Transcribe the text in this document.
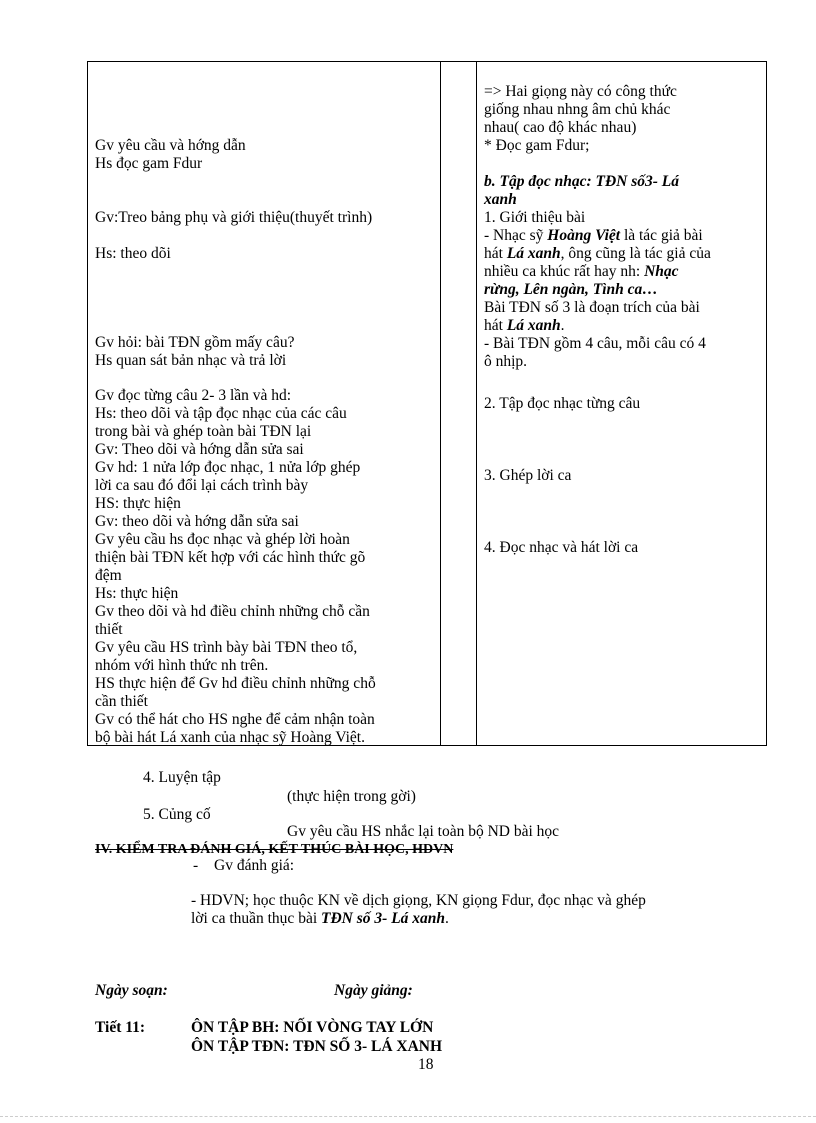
Gv yêu cầu và hớng dẫn
Hs đọc gam Fdur
Gv:Treo bảng phụ và giới thiệu(thuyết trình)
Hs: theo dõi
Gv hỏi: bài TĐN gồm mấy câu?
Hs quan sát bản nhạc và trả lời
Gv đọc từng câu 2- 3 lần và hd:
Hs: theo dõi và tập đọc nhạc của các câu
trong bài và ghép toàn bài TĐN lại
Gv: Theo dõi và hớng dẫn sửa sai
Gv hd: 1 nửa lớp đọc nhạc, 1 nửa lớp ghép
lời ca sau đó đổi lại cách trình bày
HS: thực hiện
Gv: theo dõi và hớng dẫn sửa sai
Gv yêu cầu hs đọc nhạc và ghép lời hoàn
thiện bài TĐN kết hợp với các hình thức gõ
đệm
Hs: thực hiện
Gv theo dõi và hd điều chỉnh những chỗ cần
thiết
Gv yêu cầu HS trình bày bài TĐN theo tổ,
nhóm với hình thức nh trên.
HS thực hiện để Gv hd điều chỉnh những chỗ
cần thiết
Gv có thể hát cho HS nghe để cảm nhận toàn
bộ bài hát Lá xanh của nhạc sỹ Hoàng Việt.
=> Hai giọng này có công thức
giống nhau nhng âm chủ khác
nhau( cao độ khác nhau)
* Đọc gam Fdur;
b. Tập đọc nhạc: TĐN số3- Lá
xanh
1. Giới thiệu bài
- Nhạc sỹ Hoàng Việt là tác giả bài
hát Lá xanh, ông cũng là tác giả của
nhiều ca khúc rất hay nh: Nhạc
rừng, Lên ngàn, Tình ca…
Bài TĐN số 3 là đoạn trích của bài
hát Lá xanh.
- Bài TĐN gồm 4 câu, mỗi câu có 4
ô nhịp.
2. Tập đọc nhạc từng câu
3. Ghép lời ca
4. Đọc nhạc và hát lời ca
4. Luyện tập
(thực hiện trong gời)
5. Củng cố
Gv yêu cầu HS nhắc lại toàn bộ ND bài học
IV. KIỂM TRA ĐÁNH GIÁ, KẾT THÚC BÀI HỌC, HDVN
- Gv đánh giá:
- HDVN; học thuộc KN về dịch giọng, KN giọng Fdur, đọc nhạc và ghép
lời ca thuần thục bài TĐN số 3- Lá xanh.
Ngày soạn:	Ngày giảng:
Tiết 11:	ÔN TẬP BH: NỐI VÒNG TAY LỚN
ÔN TẬP TĐN: TĐN SỐ 3- LÁ XANH
18
